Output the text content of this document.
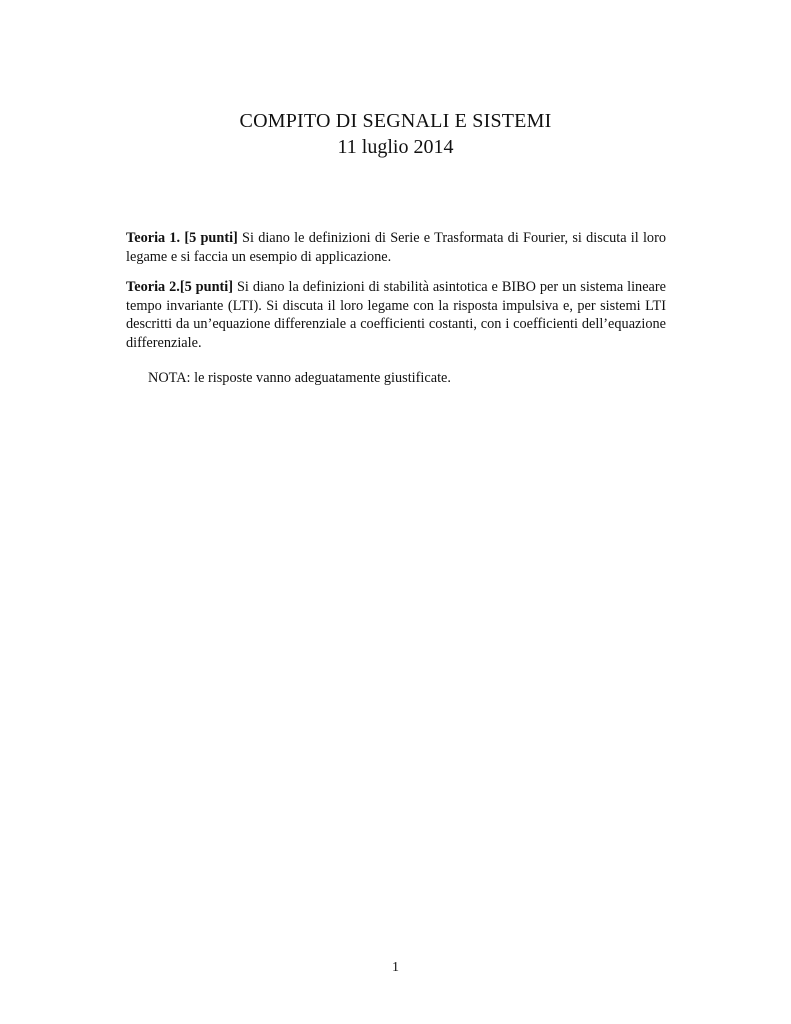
COMPITO DI SEGNALI E SISTEMI
11 luglio 2014
Teoria 1. [5 punti] Si diano le definizioni di Serie e Trasformata di Fourier, si discuta il loro legame e si faccia un esempio di applicazione.
Teoria 2.[5 punti] Si diano la definizioni di stabilità asintotica e BIBO per un sistema lineare tempo invariante (LTI). Si discuta il loro legame con la risposta impulsiva e, per sistemi LTI descritti da un’equazione differenziale a coefficienti costanti, con i coefficienti dell’equazione differenziale.
NOTA: le risposte vanno adeguatamente giustificate.
1
